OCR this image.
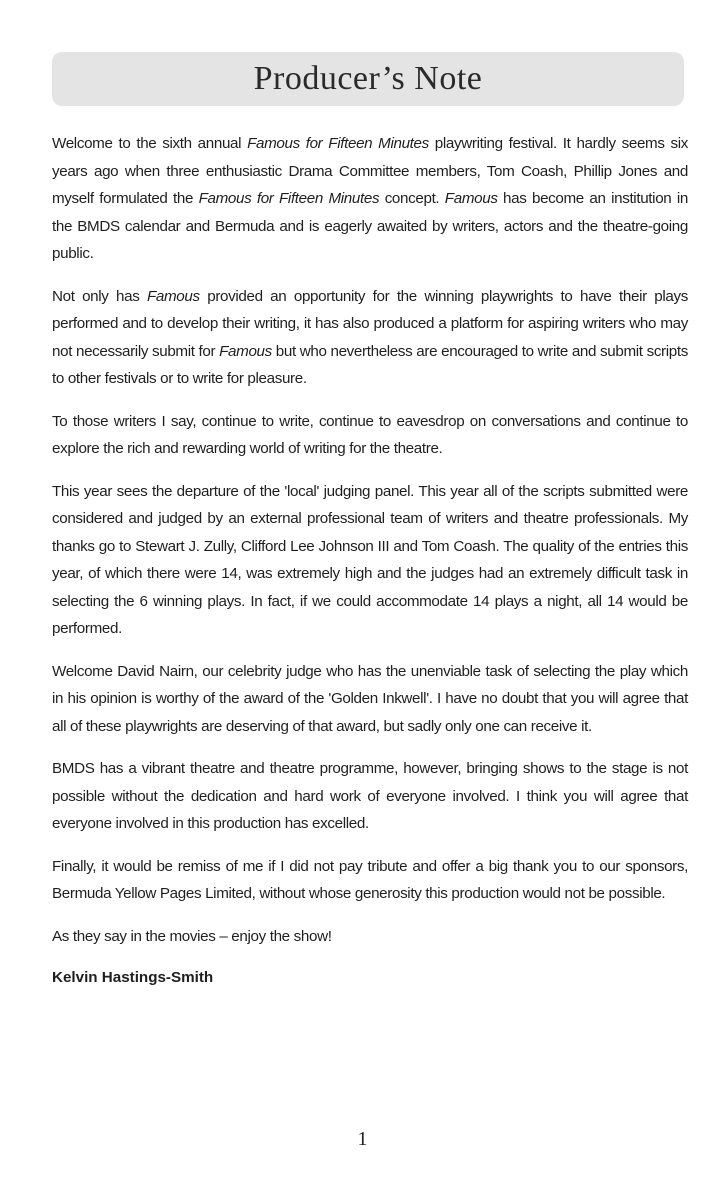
Producer’s Note

Welcome to the sixth annual Famous for Fifteen Minutes playwriting festival. It hardly seems six years ago when three enthusiastic Drama Committee members, Tom Coash, Phillip Jones and myself formulated the Famous for Fifteen Minutes concept. Famous has become an institution in the BMDS calendar and Bermuda and is eagerly awaited by writers, actors and the theatre-going public.

Not only has Famous provided an opportunity for the winning playwrights to have their plays performed and to develop their writing, it has also produced a platform for aspiring writers who may not necessarily submit for Famous but who nevertheless are encouraged to write and submit scripts to other festivals or to write for pleasure.

To those writers I say, continue to write, continue to eavesdrop on conversations and continue to explore the rich and rewarding world of writing for the theatre.

This year sees the departure of the 'local' judging panel. This year all of the scripts submitted were considered and judged by an external professional team of writers and theatre professionals. My thanks go to Stewart J. Zully, Clifford Lee Johnson III and Tom Coash. The quality of the entries this year, of which there were 14, was extremely high and the judges had an extremely difficult task in selecting the 6 winning plays. In fact, if we could accommodate 14 plays a night, all 14 would be performed.

Welcome David Nairn, our celebrity judge who has the unenviable task of selecting the play which in his opinion is worthy of the award of the 'Golden Inkwell'. I have no doubt that you will agree that all of these playwrights are deserving of that award, but sadly only one can receive it.

BMDS has a vibrant theatre and theatre programme, however, bringing shows to the stage is not possible without the dedication and hard work of everyone involved. I think you will agree that everyone involved in this production has excelled.

Finally, it would be remiss of me if I did not pay tribute and offer a big thank you to our sponsors, Bermuda Yellow Pages Limited, without whose generosity this production would not be possible.

As they say in the movies – enjoy the show!

Kelvin Hastings-Smith

1
